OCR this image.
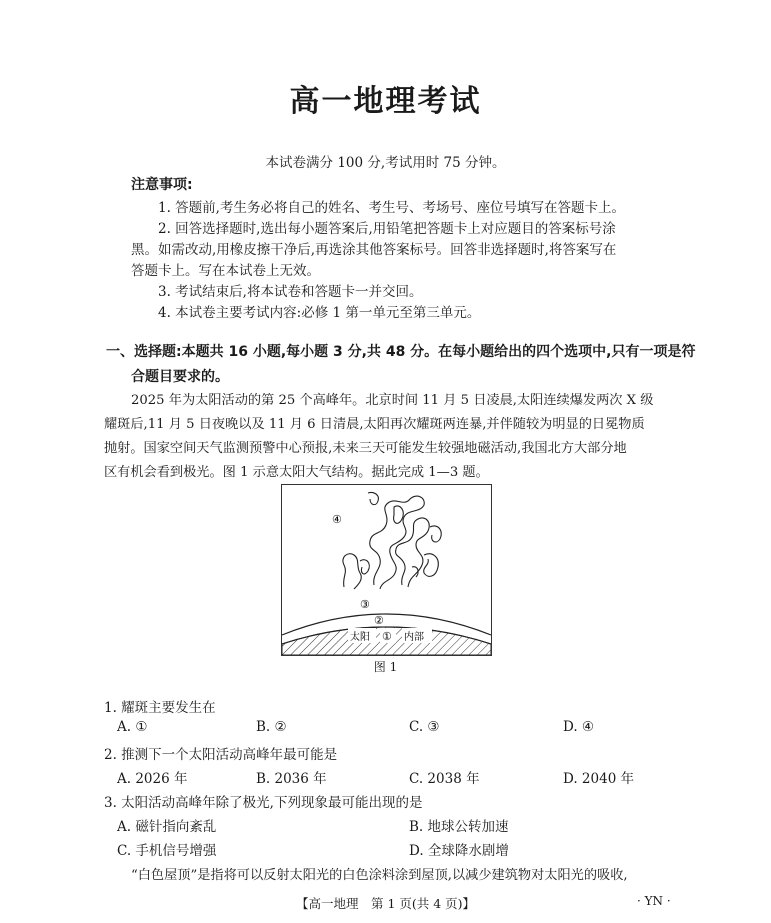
高一地理考试
本试卷满分 100 分,考试用时 75 分钟。
注意事项:
1. 答题前,考生务必将自己的姓名、考生号、考场号、座位号填写在答题卡上。
2. 回答选择题时,选出每小题答案后,用铅笔把答题卡上对应题目的答案标号涂
黑。如需改动,用橡皮擦干净后,再选涂其他答案标号。回答非选择题时,将答案写在
答题卡上。写在本试卷上无效。
3. 考试结束后,将本试卷和答题卡一并交回。
4. 本试卷主要考试内容:必修 1 第一单元至第三单元。
一、选择题:本题共 16 小题,每小题 3 分,共 48 分。在每小题给出的四个选项中,只有一项是符
合题目要求的。
2025 年为太阳活动的第 25 个高峰年。北京时间 11 月 5 日凌晨,太阳连续爆发两次 X 级
耀斑后,11 月 5 日夜晚以及 11 月 6 日清晨,太阳再次耀斑两连暴,并伴随较为明显的日冕物质
抛射。国家空间天气监测预警中心预报,未来三天可能发生较强地磁活动,我国北方大部分地
区有机会看到极光。图 1 示意太阳大气结构。据此完成 1—3 题。
④
③
②
太阳 ① 内部
图 1
1. 耀斑主要发生在
A. ①	B. ②	C. ③	D. ④
2. 推测下一个太阳活动高峰年最可能是
A. 2026 年	B. 2036 年	C. 2038 年	D. 2040 年
3. 太阳活动高峰年除了极光,下列现象最可能出现的是
A. 磁针指向紊乱	B. 地球公转加速
C. 手机信号增强	D. 全球降水剧增
“白色屋顶”是指将可以反射太阳光的白色涂料涂到屋顶,以减少建筑物对太阳光的吸收,
【高一地理　第 1 页(共 4 页)】	· YN ·
